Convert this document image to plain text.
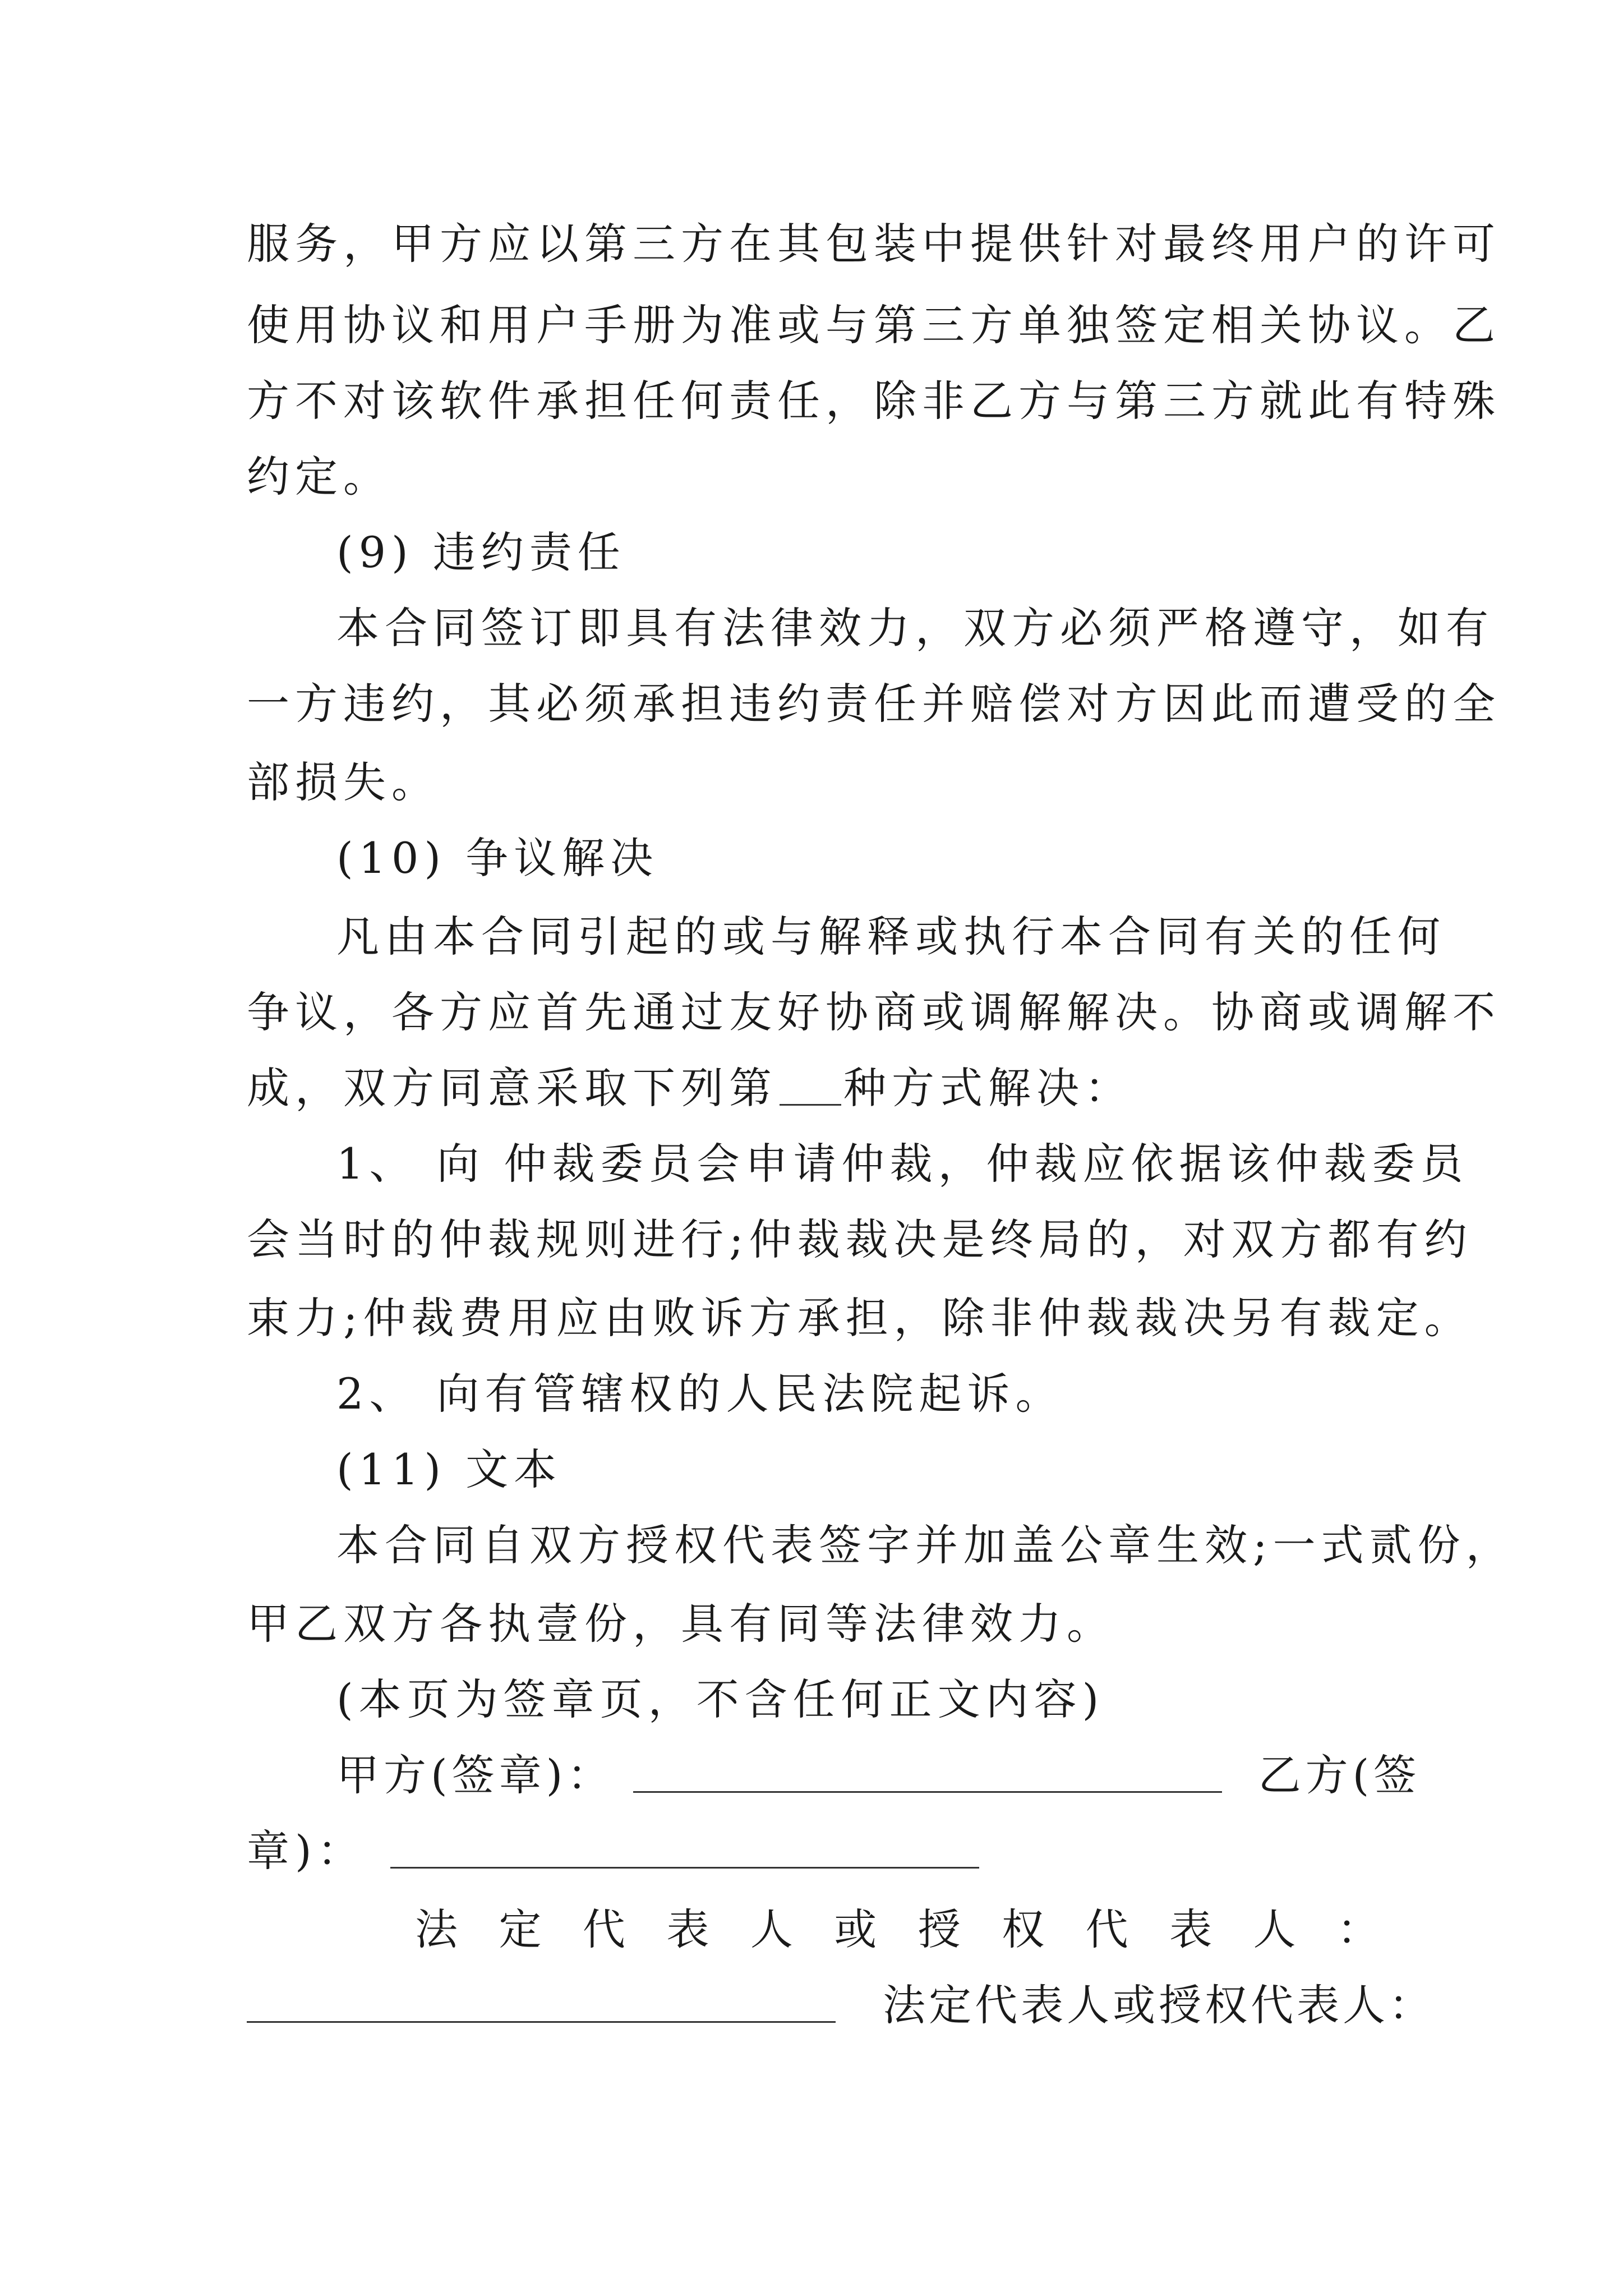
服务，甲方应以第三方在其包装中提供针对最终用户的许可
使用协议和用户手册为准或与第三方单独签定相关协议。乙
方不对该软件承担任何责任，除非乙方与第三方就此有特殊
约定。
(9) 违约责任
本合同签订即具有法律效力，双方必须严格遵守，如有
一方违约，其必须承担违约责任并赔偿对方因此而遭受的全
部损失。
(10) 争议解决
凡由本合同引起的或与解释或执行本合同有关的任何
争议，各方应首先通过友好协商或调解解决。协商或调解不
成，双方同意采取下列第 种方式解决：
1、 向 仲裁委员会申请仲裁，仲裁应依据该仲裁委员
会当时的仲裁规则进行;仲裁裁决是终局的，对双方都有约
束力;仲裁费用应由败诉方承担，除非仲裁裁决另有裁定。
2、 向有管辖权的人民法院起诉。
(11) 文本
本合同自双方授权代表签字并加盖公章生效;一式贰份，
甲乙双方各执壹份，具有同等法律效力。
(本页为签章页，不含任何正文内容)
甲方(签章)：	乙方(签
章)：
法定代表人或授权代表人：
法定代表人或授权代表人：
